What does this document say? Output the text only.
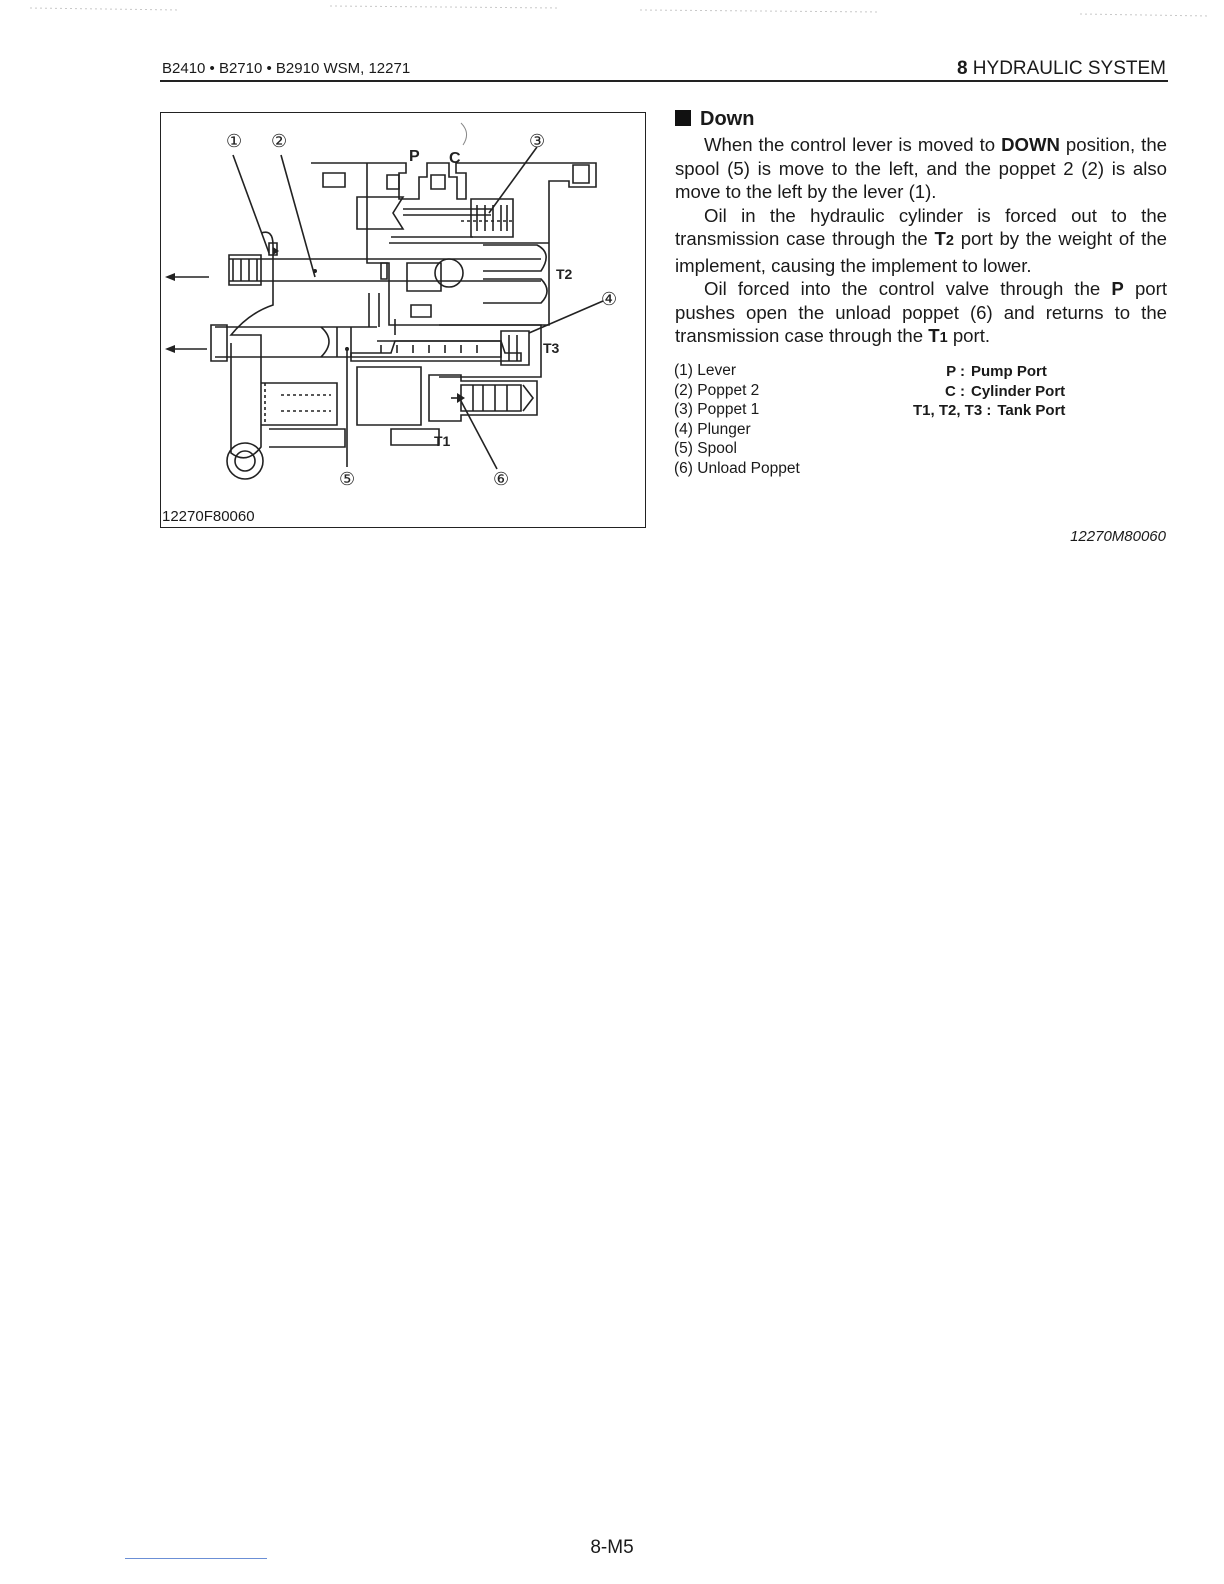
B2410 • B2710 • B2910 WSM, 12271	8 HYDRAULIC SYSTEM
① ②	③
④
⑤	⑥
P C
T2
T3
T1
12270F80060
Down

When the control lever is moved to DOWN position, the spool (5) is move to the left, and the poppet 2 (2) is also move to the left by the lever (1).

Oil in the hydraulic cylinder is forced out to the transmission case through the T2 port by the weight of the implement, causing the implement to lower.

Oil forced into the control valve through the P port pushes open the unload poppet (6) and returns to the transmission case through the T1 port.

(1) Lever
(2) Poppet 2
(3) Poppet 1
(4) Plunger
(5) Spool
(6) Unload Poppet
P : Pump Port
C : Cylinder Port
T1, T2, T3 : Tank Port
12270M80060
8-M5
